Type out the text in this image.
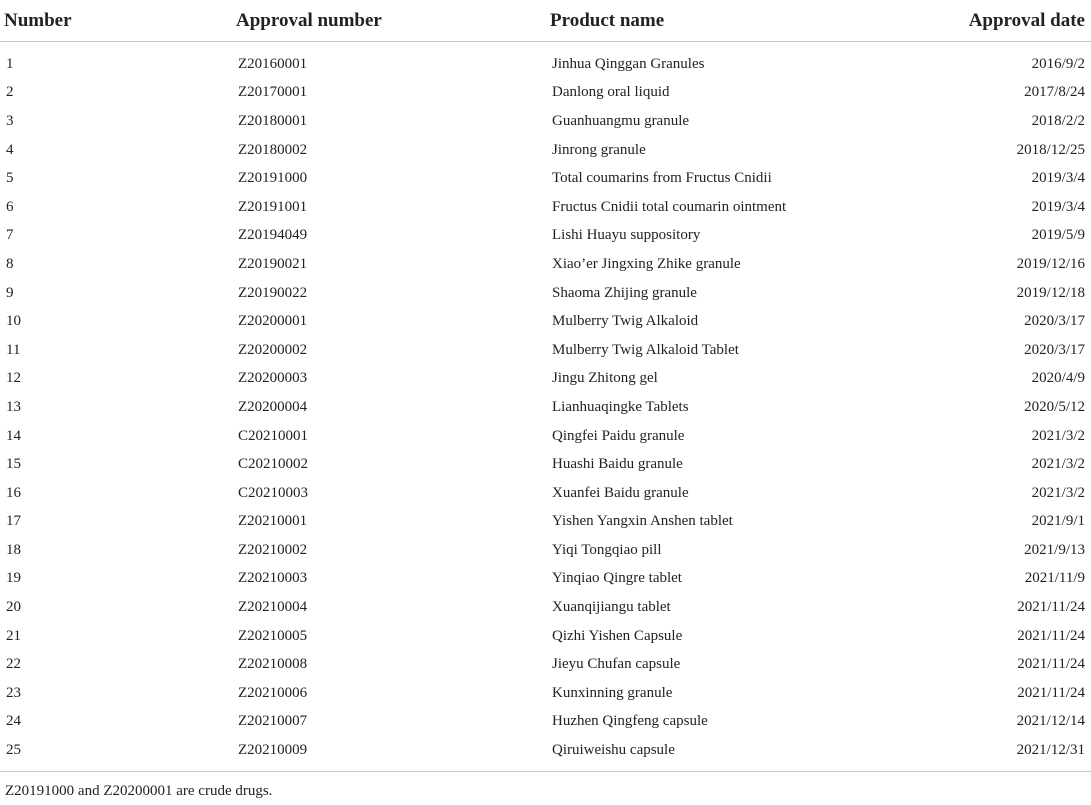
Number	Approval number	Product name	Approval date

1	Z20160001	Jinhua Qinggan Granules	2016/9/2
2	Z20170001	Danlong oral liquid	2017/8/24
3	Z20180001	Guanhuangmu granule	2018/2/2
4	Z20180002	Jinrong granule	2018/12/25
5	Z20191000	Total coumarins from Fructus Cnidii	2019/3/4
6	Z20191001	Fructus Cnidii total coumarin ointment	2019/3/4
7	Z20194049	Lishi Huayu suppository	2019/5/9
8	Z20190021	Xiao’er Jingxing Zhike granule	2019/12/16
9	Z20190022	Shaoma Zhijing granule	2019/12/18
10	Z20200001	Mulberry Twig Alkaloid	2020/3/17
11	Z20200002	Mulberry Twig Alkaloid Tablet	2020/3/17
12	Z20200003	Jingu Zhitong gel	2020/4/9
13	Z20200004	Lianhuaqingke Tablets	2020/5/12
14	C20210001	Qingfei Paidu granule	2021/3/2
15	C20210002	Huashi Baidu granule	2021/3/2
16	C20210003	Xuanfei Baidu granule	2021/3/2
17	Z20210001	Yishen Yangxin Anshen tablet	2021/9/1
18	Z20210002	Yiqi Tongqiao pill	2021/9/13
19	Z20210003	Yinqiao Qingre tablet	2021/11/9
20	Z20210004	Xuanqijiangu tablet	2021/11/24
21	Z20210005	Qizhi Yishen Capsule	2021/11/24
22	Z20210008	Jieyu Chufan capsule	2021/11/24
23	Z20210006	Kunxinning granule	2021/11/24
24	Z20210007	Huzhen Qingfeng capsule	2021/12/14
25	Z20210009	Qiruiweishu capsule	2021/12/31

Z20191000 and Z20200001 are crude drugs.
